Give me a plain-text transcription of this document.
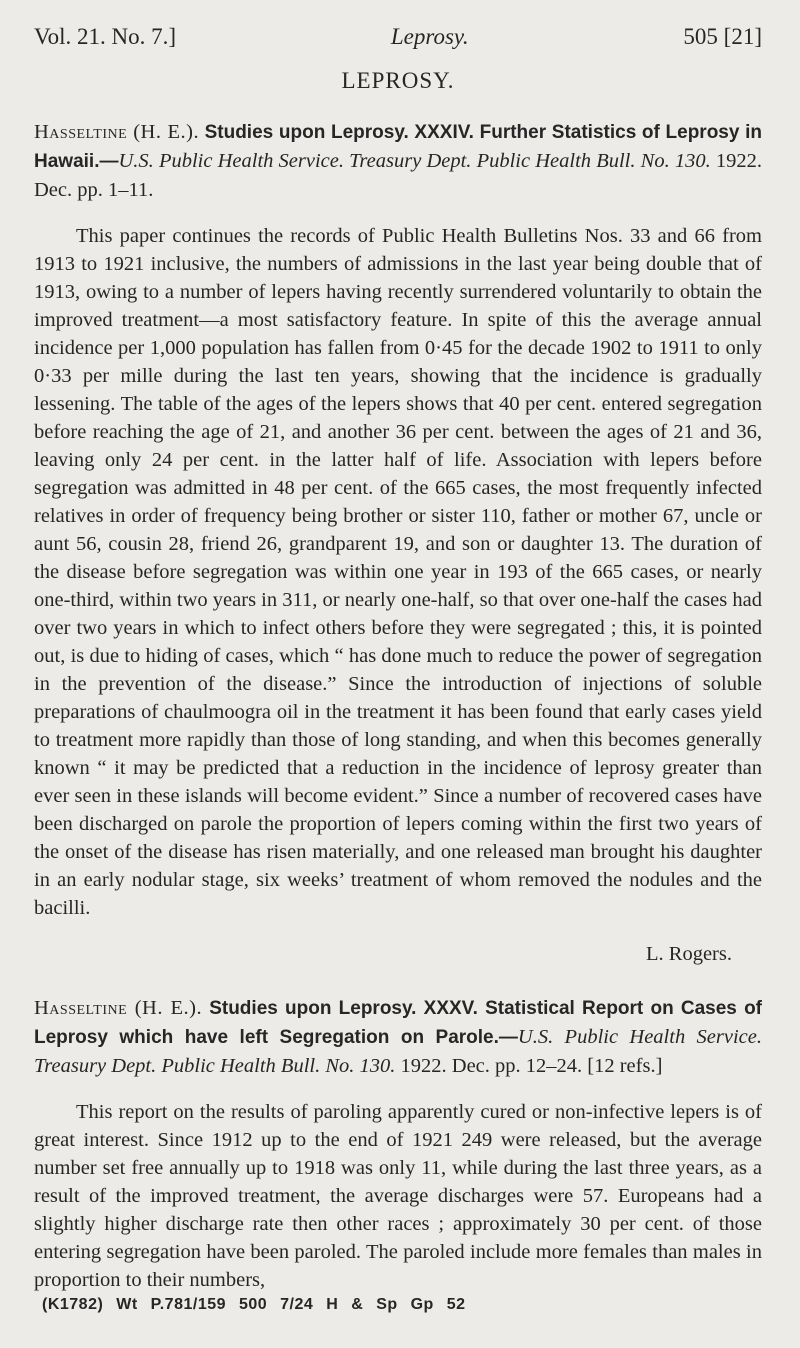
Vol. 21. No. 7.]	Leprosy.	505 [21]
LEPROSY.

Hasseltine (H. E.). Studies upon Leprosy. XXXIV. Further Statistics of Leprosy in Hawaii.—U.S. Public Health Service. Treasury Dept. Public Health Bull. No. 130. 1922. Dec. pp. 1–11.

This paper continues the records of Public Health Bulletins Nos. 33 and 66 from 1913 to 1921 inclusive, the numbers of admissions in the last year being double that of 1913, owing to a number of lepers having recently surrendered voluntarily to obtain the improved treatment—a most satisfactory feature. In spite of this the average annual incidence per 1,000 population has fallen from 0·45 for the decade 1902 to 1911 to only 0·33 per mille during the last ten years, showing that the incidence is gradually lessening. The table of the ages of the lepers shows that 40 per cent. entered segregation before reaching the age of 21, and another 36 per cent. between the ages of 21 and 36, leaving only 24 per cent. in the latter half of life. Association with lepers before segregation was admitted in 48 per cent. of the 665 cases, the most frequently infected relatives in order of frequency being brother or sister 110, father or mother 67, uncle or aunt 56, cousin 28, friend 26, grandparent 19, and son or daughter 13. The duration of the disease before segregation was within one year in 193 of the 665 cases, or nearly one-third, within two years in 311, or nearly one-half, so that over one-half the cases had over two years in which to infect others before they were segregated ; this, it is pointed out, is due to hiding of cases, which “ has done much to reduce the power of segregation in the prevention of the disease.” Since the introduction of injections of soluble preparations of chaulmoogra oil in the treatment it has been found that early cases yield to treatment more rapidly than those of long standing, and when this becomes generally known “ it may be predicted that a reduction in the incidence of leprosy greater than ever seen in these islands will become evident.” Since a number of recovered cases have been discharged on parole the proportion of lepers coming within the first two years of the onset of the disease has risen materially, and one released man brought his daughter in an early nodular stage, six weeks’ treatment of whom removed the nodules and the bacilli.

L. Rogers.

Hasseltine (H. E.). Studies upon Leprosy. XXXV. Statistical Report on Cases of Leprosy which have left Segregation on Parole.—U.S. Public Health Service. Treasury Dept. Public Health Bull. No. 130. 1922. Dec. pp. 12–24. [12 refs.]

This report on the results of paroling apparently cured or non-infective lepers is of great interest. Since 1912 up to the end of 1921 249 were released, but the average number set free annually up to 1918 was only 11, while during the last three years, as a result of the improved treatment, the average discharges were 57. Europeans had a slightly higher discharge rate then other races ; approximately 30 per cent. of those entering segregation have been paroled. The paroled include more females than males in proportion to their numbers,

(K1782) Wt P.781/159 500 7/24 H & Sp Gp 52
